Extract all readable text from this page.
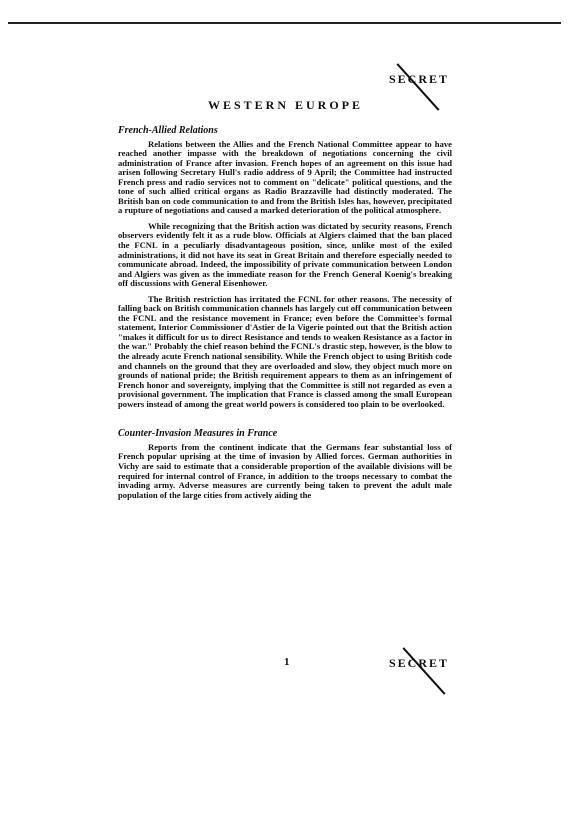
SECRET
WESTERN EUROPE
French-Allied Relations

Relations between the Allies and the French National Committee appear to have reached another impasse with the breakdown of negotiations concerning the civil administration of France after invasion. French hopes of an agreement on this issue had arisen following Secretary Hull's radio address of 9 April; the Committee had instructed French press and radio services not to comment on "delicate" political questions, and the tone of such allied critical organs as Radio Brazzaville had distinctly moderated. The British ban on code communication to and from the British Isles has, however, precipitated a rupture of negotiations and caused a marked deterioration of the political atmosphere.

While recognizing that the British action was dictated by security reasons, French observers evidently felt it as a rude blow. Officials at Algiers claimed that the ban placed the FCNL in a peculiarly disadvantageous position, since, unlike most of the exiled administrations, it did not have its seat in Great Britain and therefore especially needed to communicate abroad. Indeed, the impossibility of private communication between London and Algiers was given as the immediate reason for the French General Koenig's breaking off discussions with General Eisenhower.

The British restriction has irritated the FCNL for other reasons. The necessity of falling back on British communication channels has largely cut off communication between the FCNL and the resistance movement in France; even before the Committee's formal statement, Interior Commissioner d'Astier de la Vigerie pointed out that the British action "makes it difficult for us to direct Resistance and tends to weaken Resistance as a factor in the war." Probably the chief reason behind the FCNL's drastic step, however, is the blow to the already acute French national sensibility. While the French object to using British code and channels on the ground that they are overloaded and slow, they object much more on grounds of national pride; the British requirement appears to them as an infringement of French honor and sovereignty, implying that the Committee is still not regarded as even a provisional government. The implication that France is classed among the small European powers instead of among the great world powers is considered too plain to be overlooked.

Counter-Invasion Measures in France

Reports from the continent indicate that the Germans fear substantial loss of French popular uprising at the time of invasion by Allied forces. German authorities in Vichy are said to estimate that a considerable proportion of the available divisions will be required for internal control of France, in addition to the troops necessary to combat the invading army. Adverse measures are currently being taken to prevent the adult male population of the large cities from actively aiding the

1	SECRET
